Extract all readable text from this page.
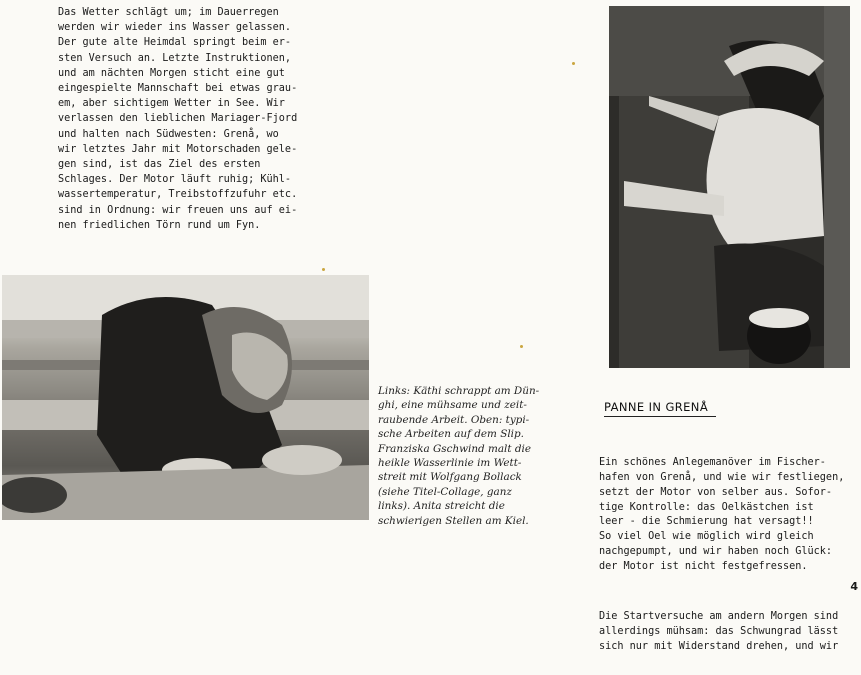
Das Wetter schlägt um; im Dauerregen
werden wir wieder ins Wasser gelassen.
Der gute alte Heimdal springt beim er-
sten Versuch an. Letzte Instruktionen,
und am nächten Morgen sticht eine gut
eingespielte Mannschaft bei etwas grau-
em, aber sichtigem Wetter in See. Wir
verlassen den lieblichen Mariager-Fjord
und halten nach Südwesten: Grenå, wo
wir letztes Jahr mit Motorschaden gele-
gen sind, ist das Ziel des ersten
Schlages. Der Motor läuft ruhig; Kühl-
wassertemperatur, Treibstoffzufuhr etc.
sind in Ordnung: wir freuen uns auf ei-
nen friedlichen Törn rund um Fyn.
Links: Käthi schrappt am Dün-
ghi, eine mühsame und zeit-
raubende Arbeit. Oben: typi-
sche Arbeiten auf dem Slip.
Franziska Gschwind malt die
heikle Wasserlinie im Wett-
streit mit Wolfgang Bollack
(siehe Titel-Collage, ganz
links). Anita streicht die
schwierigen Stellen am Kiel.
PANNE IN GRENÅ

Ein schönes Anlegemanöver im Fischer-
hafen von Grenå, und wie wir festliegen,
setzt der Motor von selber aus. Sofor-
tige Kontrolle: das Oelkästchen ist
leer - die Schmierung hat versagt!!
So viel Oel wie möglich wird gleich
nachgepumpt, und wir haben noch Glück:
der Motor ist nicht festgefressen.

Die Startversuche am andern Morgen sind
allerdings mühsam: das Schwungrad lässt
sich nur mit Widerstand drehen, und wir

4
